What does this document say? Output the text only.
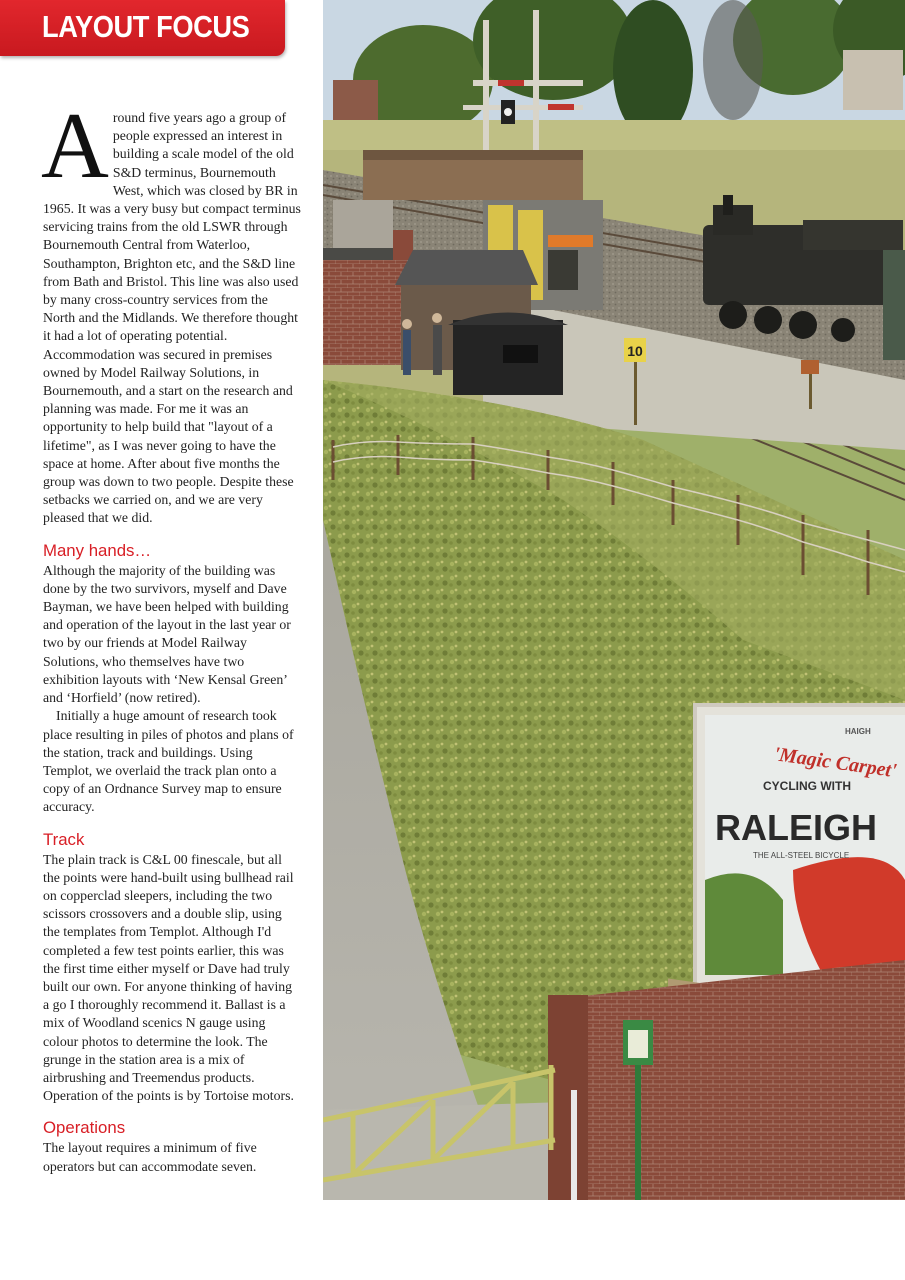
LAYOUT FOCUS

Around five years ago a group of people expressed an interest in building a scale model of the old S&D terminus, Bournemouth West, which was closed by BR in 1965. It was a very busy but compact terminus servicing trains from the old LSWR through Bournemouth Central from Waterloo, Southampton, Brighton etc, and the S&D line from Bath and Bristol. This line was also used by many cross-country services from the North and the Midlands. We therefore thought it had a lot of operating potential. Accommodation was secured in premises owned by Model Railway Solutions, in Bournemouth, and a start on the research and planning was made. For me it was an opportunity to help build that "layout of a lifetime", as I was never going to have the space at home. After about five months the group was down to two people. Despite these setbacks we carried on, and we are very pleased that we did.

Many hands…

Although the majority of the building was done by the two survivors, myself and Dave Bayman, we have been helped with building and operation of the layout in the last year or two by our friends at Model Railway Solutions, who themselves have two exhibition layouts with ‘New Kensal Green’ and ‘Horfield’ (now retired).

Initially a huge amount of research took place resulting in piles of photos and plans of the station, track and buildings. Using Templot, we overlaid the track plan onto a copy of an Ordnance Survey map to ensure accuracy.

Track

The plain track is C&L 00 finescale, but all the points were hand-built using bullhead rail on copperclad sleepers, including the two scissors crossovers and a double slip, using the templates from Templot. Although I'd completed a few test points earlier, this was the first time either myself or Dave had truly built our own. For anyone thinking of having a go I thoroughly recommend it. Ballast is a mix of Woodland scenics N gauge using colour photos to determine the look. The grunge in the station area is a mix of airbrushing and Treemendus products. Operation of the points is by Tortoise motors.

Operations

The layout requires a minimum of five operators but can accommodate seven.

10
'Magic Carpet'
CYCLING WITH
RALEIGH
THE ALL-STEEL BICYCLE
HAIGH
